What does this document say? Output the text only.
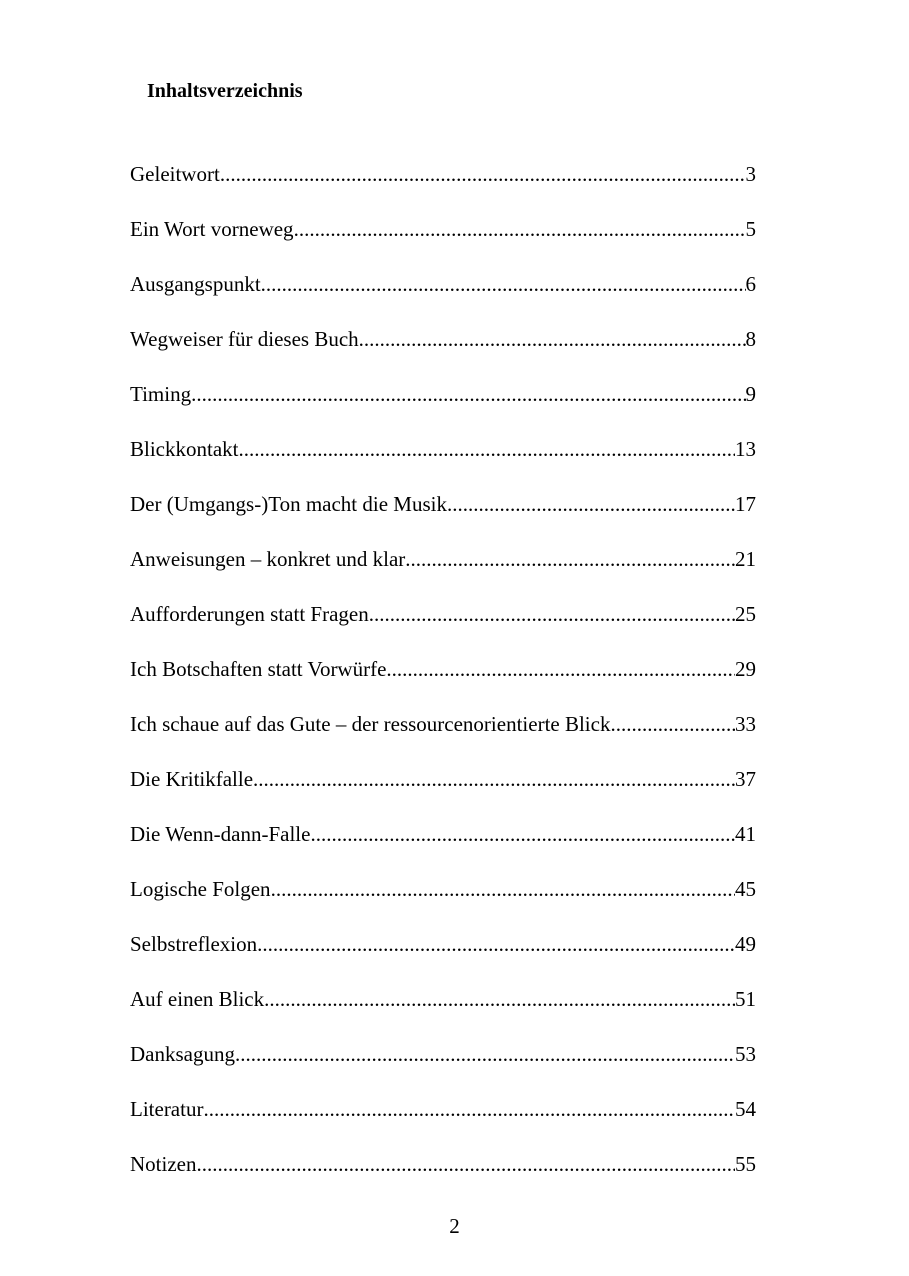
Inhaltsverzeichnis
Geleitwort .....	3
Ein Wort vorneweg .....	5
Ausgangspunkt .....	6
Wegweiser für dieses Buch .....	8
Timing .....	9
Blickkontakt .....	13
Der (Umgangs-)Ton macht die Musik .....	17
Anweisungen – konkret und klar .....	21
Aufforderungen statt Fragen .....	25
Ich Botschaften statt Vorwürfe .....	29
Ich schaue auf das Gute – der ressourcenorientierte Blick .....	33
Die Kritikfalle .....	37
Die Wenn-dann-Falle .....	41
Logische Folgen .....	45
Selbstreflexion .....	49
Auf einen Blick .....	51
Danksagung .....	53
Literatur .....	54
Notizen .....	55
2
